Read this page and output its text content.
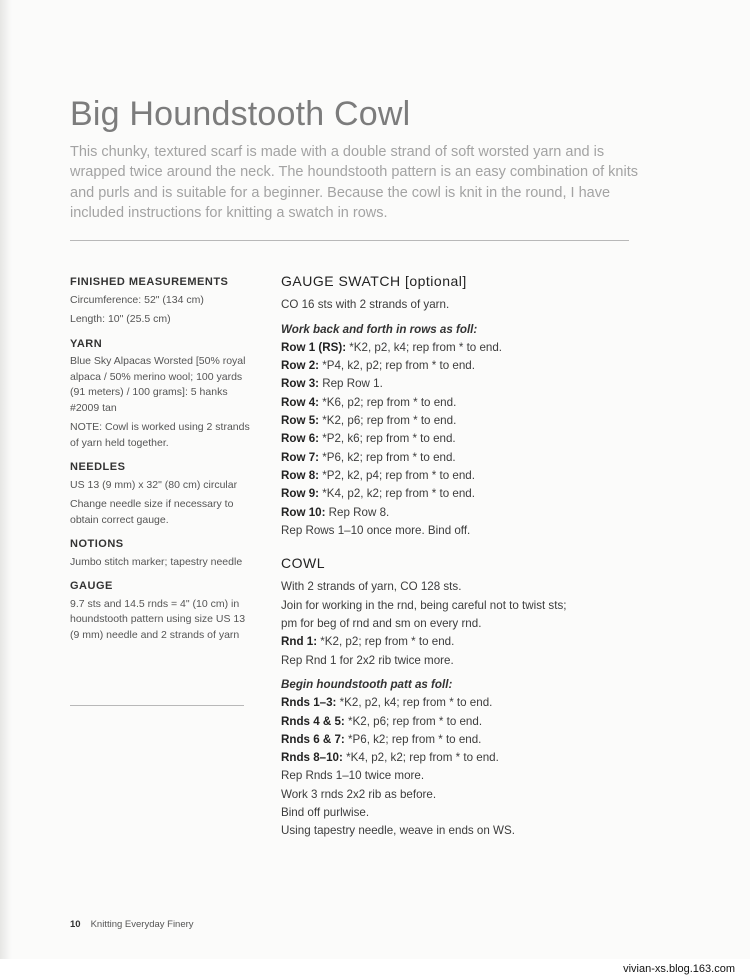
Big Houndstooth Cowl

This chunky, textured scarf is made with a double strand of soft worsted yarn and is wrapped twice around the neck. The houndstooth pattern is an easy combination of knits and purls and is suitable for a beginner. Because the cowl is knit in the round, I have included instructions for knitting a swatch in rows.

FINISHED MEASUREMENTS

Circumference: 52" (134 cm)

Length: 10" (25.5 cm)

YARN

Blue Sky Alpacas Worsted [50% royal alpaca / 50% merino wool; 100 yards (91 meters) / 100 grams]: 5 hanks #2009 tan

NOTE: Cowl is worked using 2 strands of yarn held together.

NEEDLES

US 13 (9 mm) x 32" (80 cm) circular

Change needle size if necessary to obtain correct gauge.

NOTIONS

Jumbo stitch marker; tapestry needle

GAUGE

9.7 sts and 14.5 rnds = 4" (10 cm) in houndstooth pattern using size US 13 (9 mm) needle and 2 strands of yarn

GAUGE SWATCH [optional]

CO 16 sts with 2 strands of yarn.

Work back and forth in rows as foll:

Row 1 (RS): *K2, p2, k4; rep from * to end.

Row 2: *P4, k2, p2; rep from * to end.

Row 3: Rep Row 1.

Row 4: *K6, p2; rep from * to end.

Row 5: *K2, p6; rep from * to end.

Row 6: *P2, k6; rep from * to end.

Row 7: *P6, k2; rep from * to end.

Row 8: *P2, k2, p4; rep from * to end.

Row 9: *K4, p2, k2; rep from * to end.

Row 10: Rep Row 8.

Rep Rows 1–10 once more. Bind off.

COWL

With 2 strands of yarn, CO 128 sts.

Join for working in the rnd, being careful not to twist sts;

pm for beg of rnd and sm on every rnd.

Rnd 1: *K2, p2; rep from * to end.

Rep Rnd 1 for 2x2 rib twice more.

Begin houndstooth patt as foll:

Rnds 1–3: *K2, p2, k4; rep from * to end.

Rnds 4 & 5: *K2, p6; rep from * to end.

Rnds 6 & 7: *P6, k2; rep from * to end.

Rnds 8–10: *K4, p2, k2; rep from * to end.

Rep Rnds 1–10 twice more.

Work 3 rnds 2x2 rib as before.

Bind off purlwise.

Using tapestry needle, weave in ends on WS.

10 Knitting Everyday Finery
vivian-xs.blog.163.com
